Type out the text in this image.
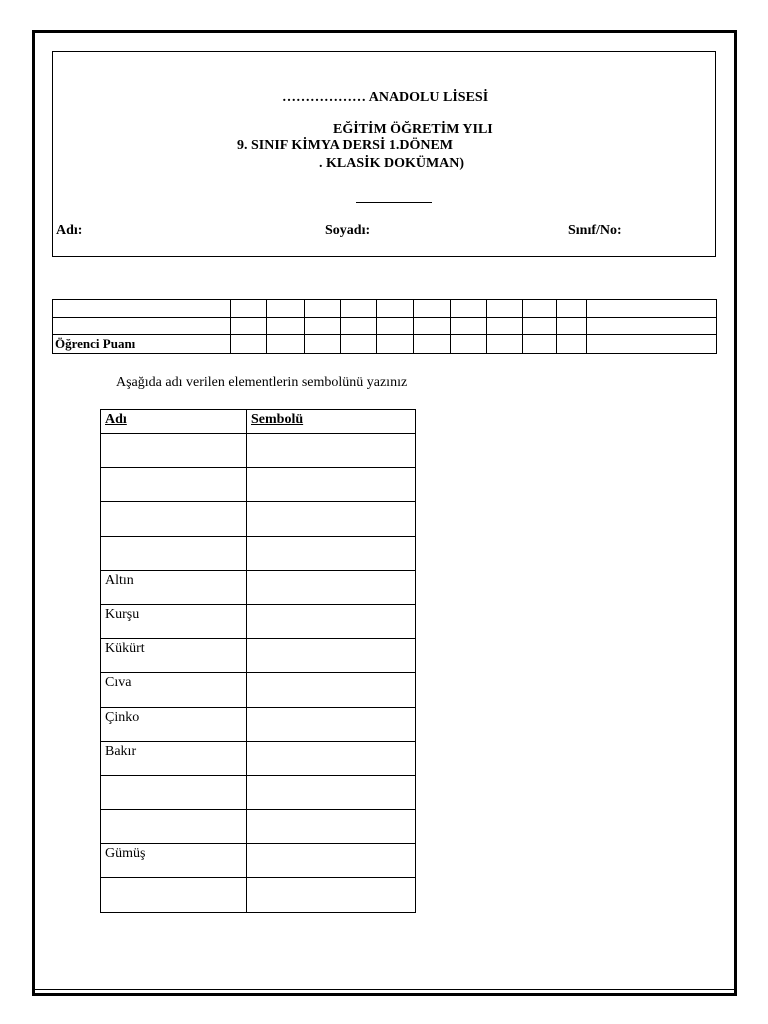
……………… ANADOLU LİSESİ
EĞİTİM ÖĞRETİM YILI
9. SINIF KİMYA DERSİ 1.DÖNEM
. KLASİK DOKÜMAN)
Adı:	Soyadı:	Sınıf/No:

Öğrenci Puanı											
Aşağıda adı verilen elementlerin sembolünü yazınız
Adı	Sembolü

Altın	
Kurşu	
Kükürt	
Cıva	
Çinko	
Bakır	

Gümüş	
